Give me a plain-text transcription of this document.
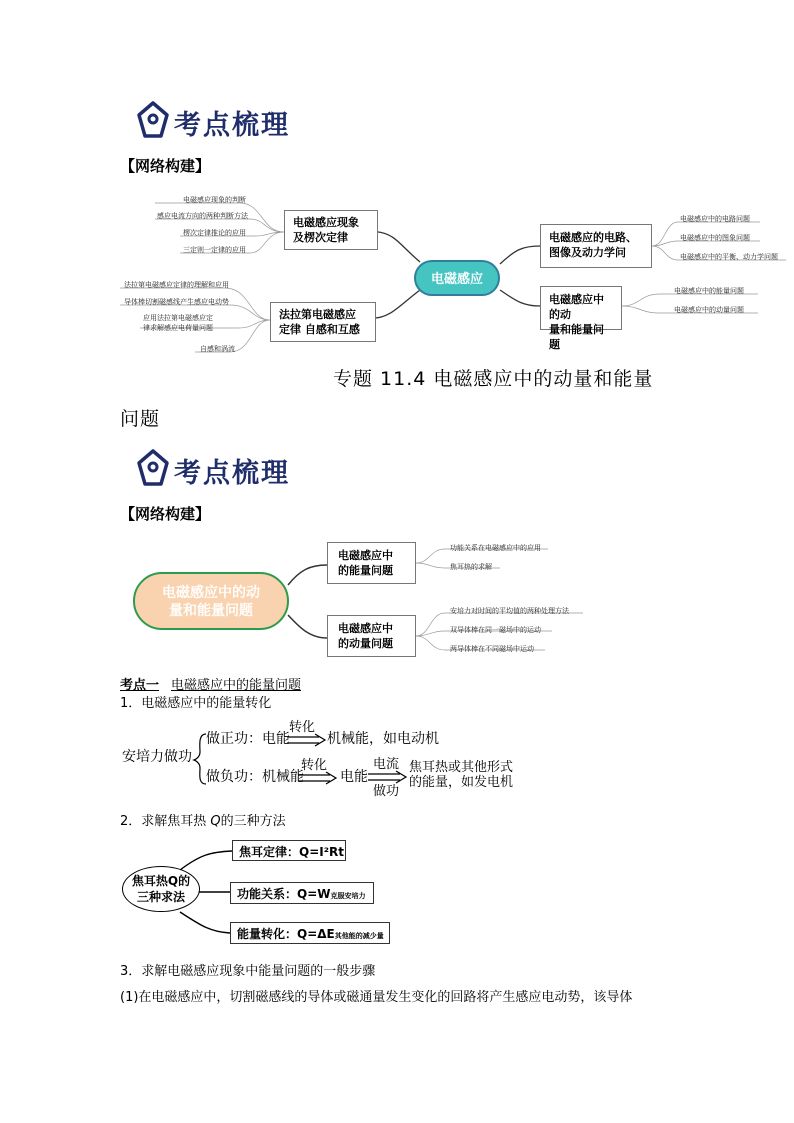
考点梳理
【网络构建】
电磁感应
电磁感应现象
及楞次定律
电磁感应现象的判断
感应电流方向的两种判断方法
楞次定律推论的应用
三定则一定律的应用
法拉第电磁感应
定律 自感和互感
法拉第电磁感应定律的理解和应用
导体棒切割磁感线产生感应电动势
应用法拉第电磁感应定
律求解感应电荷量问题
自感和涡流
电磁感应的电路、
图像及动力学问
电磁感应中的电路问题
电磁感应中的图象问题
电磁感应中的平衡、动力学问题
电磁感应中的动
量和能量问题
电磁感应中的能量问题
电磁感应中的动量问题
专题 11.4 电磁感应中的动量和能量
问题
考点梳理
【网络构建】
电磁感应中的动
量和能量问题
电磁感应中
的能量问题
功能关系在电磁感应中的应用
焦耳热的求解
电磁感应中
的动量问题
安培力对时间的平均值的两种处理方法
双导体棒在同一磁场中的运动
两导体棒在不同磁场中运动
考点一 电磁感应中的能量问题
1．电磁感应中的能量转化
安培力做功
做正功：电能
转化
机械能，如电动机
做负功：机械能
转化
电能
电流
做功
焦耳热或其他形式
的能量，如发电机
2．求解焦耳热 Q的三种方法
焦耳热Q的
三种求法
焦耳定律：Q=I²Rt
功能关系：Q=W克服安培力
能量转化：Q=ΔE其他能的减少量
3．求解电磁感应现象中能量问题的一般步骤
(1)在电磁感应中，切割磁感线的导体或磁通量发生变化的回路将产生感应电动势，该导体
